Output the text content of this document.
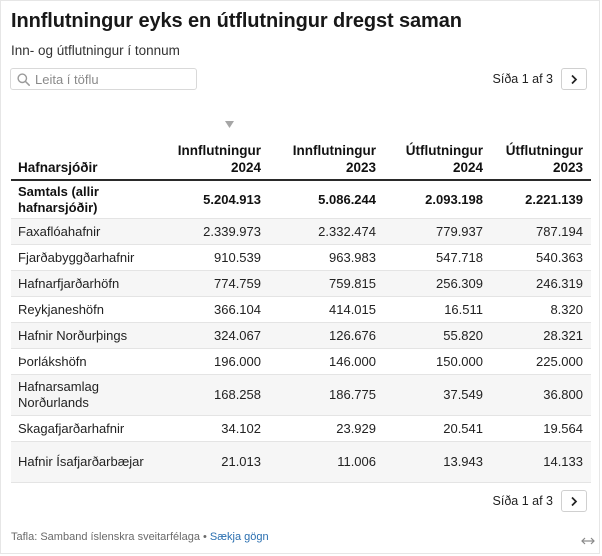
Innflutningur eyks en útflutningur dregst saman
Inn- og útflutningur í tonnum
Leita í töflu
Síða 1 af 3
Hafnarsjóðir	Innflutningur 2024	Innflutningur 2023	Útflutningur 2024	Útflutningur 2023
Samtals (allir hafnarsjóðir)	5.204.913	5.086.244	2.093.198	2.221.139
Faxaflóahafnir	2.339.973	2.332.474	779.937	787.194
Fjarðabyggðarhafnir	910.539	963.983	547.718	540.363
Hafnarfjarðarhöfn	774.759	759.815	256.309	246.319
Reykjaneshöfn	366.104	414.015	16.511	8.320
Hafnir Norðurþings	324.067	126.676	55.820	28.321
Þorlákshöfn	196.000	146.000	150.000	225.000
Hafnarsamlag Norðurlands	168.258	186.775	37.549	36.800
Skagafjarðarhafnir	34.102	23.929	20.541	19.564
Hafnir Ísafjarðarbæjar	21.013	11.006	13.943	14.133
Síða 1 af 3
Tafla: Samband íslenskra sveitarfélaga • Sækja gögn
